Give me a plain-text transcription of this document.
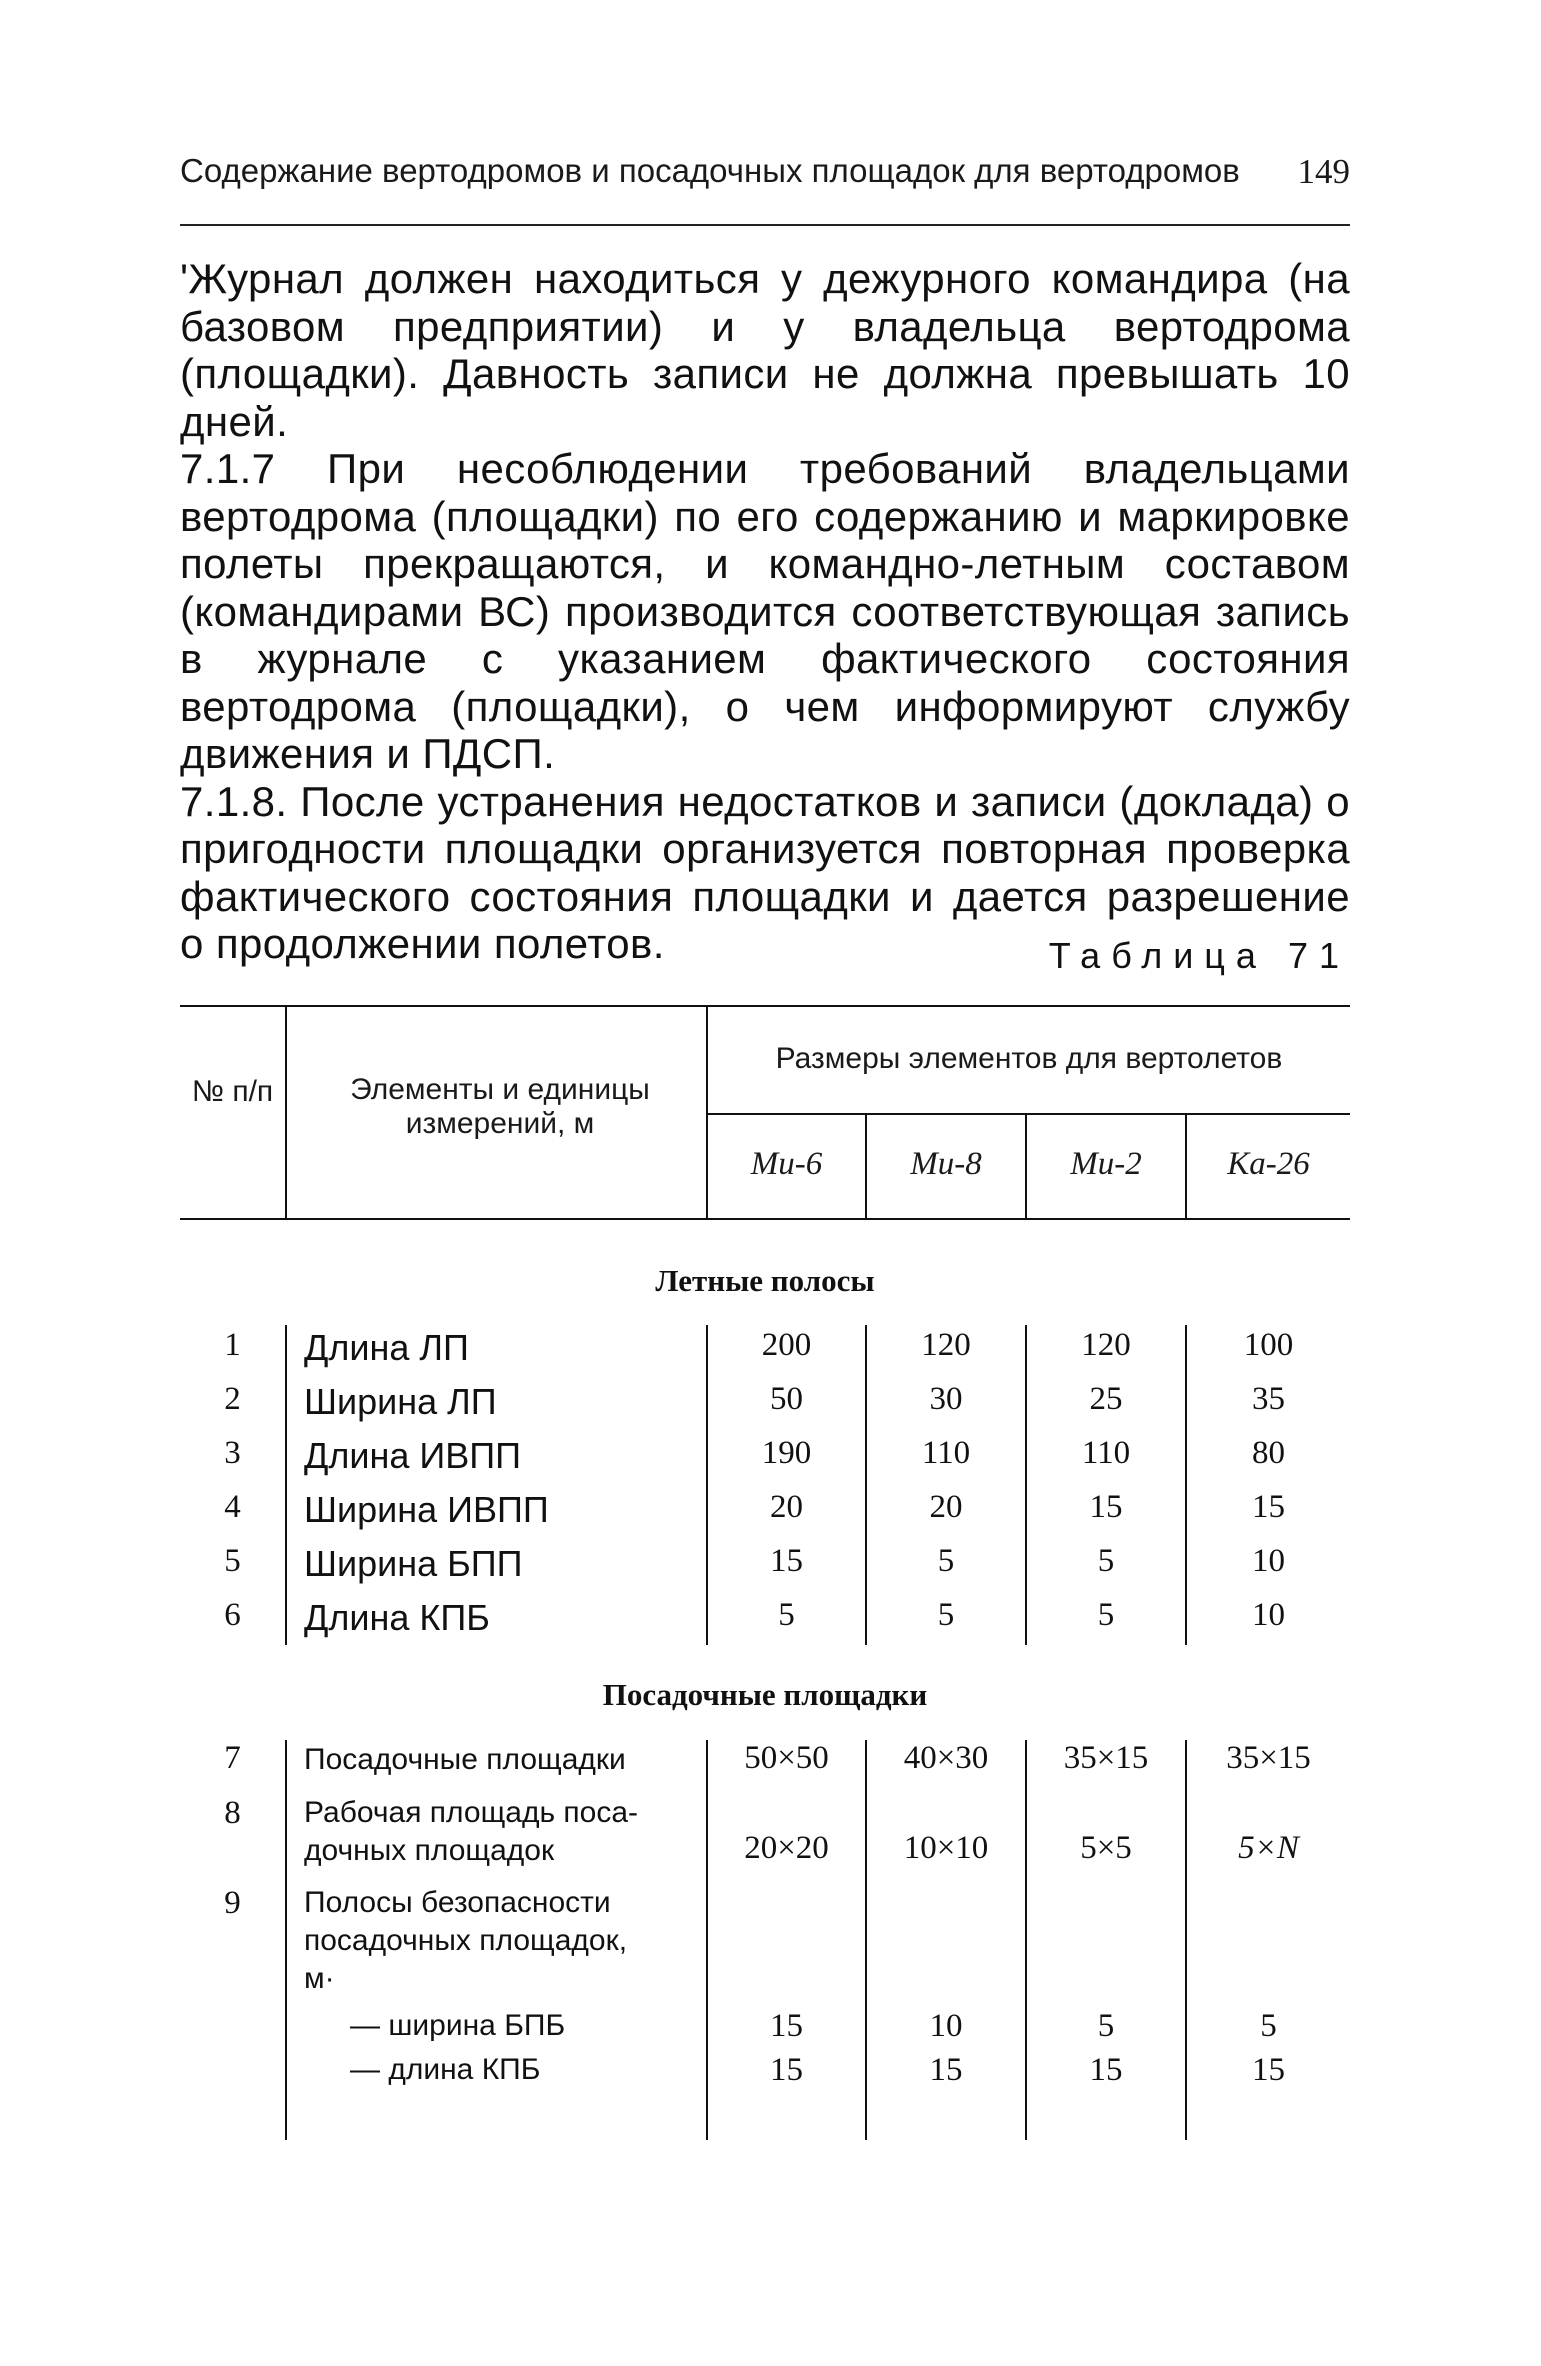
Содержание вертодромов и посадочных площадок для вертодромов 149

'Журнал должен находиться у дежурного командира (на базовом предприятии) и у владельца вертодрома (площадки). Давность записи не должна превышать 10 дней.

7.1.7 При несоблюдении требований владельцами вертодрома (площадки) по его содержанию и маркировке полеты прекращаются, и командно-летным составом (командирами ВС) производится соответствующая запись в журнале с указанием фактического состояния вертодрома (площадки), о чем информируют службу движения и ПДСП.

7.1.8. После устранения недостатков и записи (доклада) о пригодности площадки организуется повторная проверка фактического состояния площадки и дается разрешение о продолжении полетов.	Таблица 71
№ п/п	Элементы и единицы измерений, м
Размеры элементов для вертолетов
Ми-6	Ми-8	Ми-2	Ка-26
Летные полосы
1	Длина ЛП	200	120	120	100
2	Ширина ЛП	50	30	25	35
3	Длина ИВПП	190	110	110	80
4	Ширина ИВПП	20	20	15	15
5	Ширина БПП	15	5	5	10
6	Длина КПБ	5	5	5	10
Посадочные площадки
7	Посадочные площадки	50×50	40×30	35×15	35×15
8	Рабочая площадь поса-
дочных площадок	20×20	10×10	5×5	5×N
9	Полосы безопасности
посадочных площадок,
м·
— ширина БПБ	15	10	5	5
— длина КПБ	15	15	15	15
